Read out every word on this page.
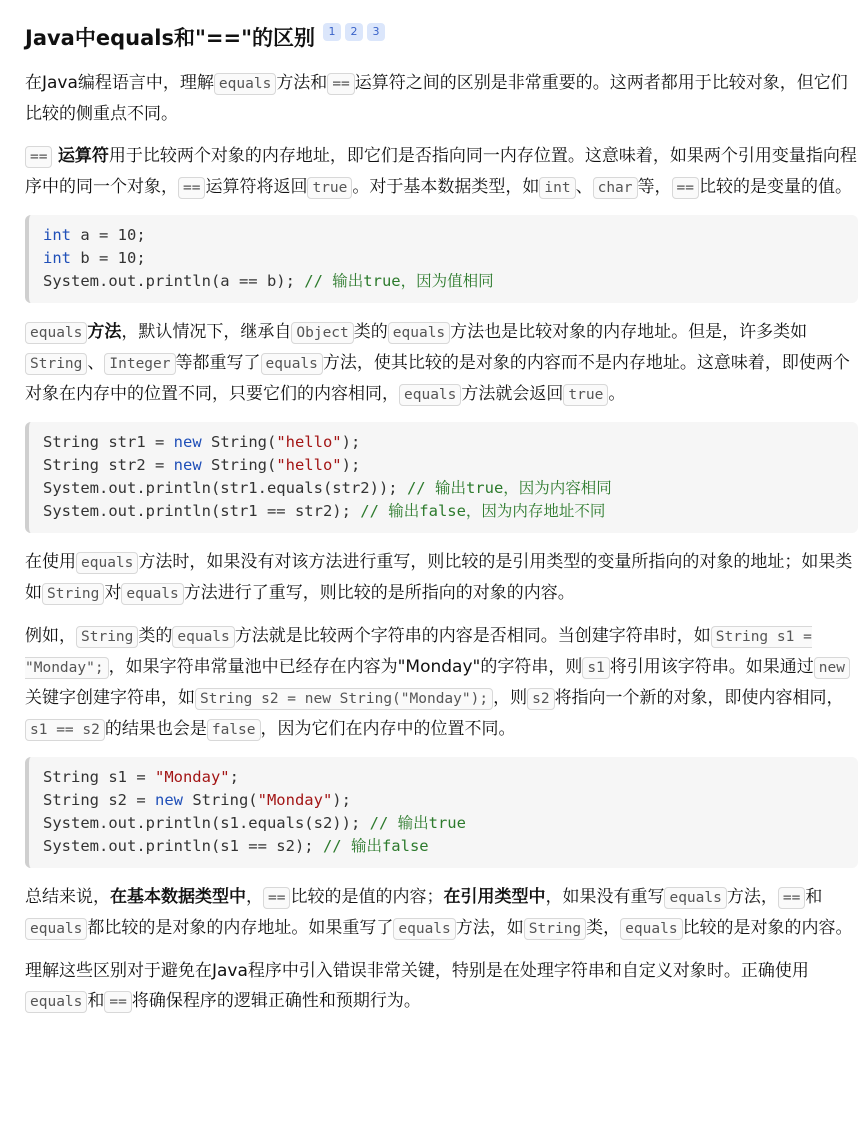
Java中equals和"=="的区别	1	2	3

在Java编程语言中，理解 equals 方法和 == 运算符之间的区别是非常重要的。这两者都用于比较对象，但它们比较的侧重点不同。

== 运算符用于比较两个对象的内存地址，即它们是否指向同一内存位置。这意味着，如果两个引用变量指向程序中的同一个对象， == 运算符将返回 true 。对于基本数据类型，如 int 、 char 等， == 比较的是变量的值。

int a = 10;
int b = 10;
System.out.println(a == b); // 输出true，因为值相同

equals 方法，默认情况下，继承自 Object 类的 equals 方法也是比较对象的内存地址。但是，许多类如String 、 Integer 等都重写了 equals 方法，使其比较的是对象的内容而不是内存地址。这意味着，即使两个对象在内存中的位置不同，只要它们的内容相同， equals 方法就会返回 true 。

String str1 = new String("hello");
String str2 = new String("hello");
System.out.println(str1.equals(str2)); // 输出true，因为内容相同
System.out.println(str1 == str2); // 输出false，因为内存地址不同

在使用 equals 方法时，如果没有对该方法进行重写，则比较的是引用类型的变量所指向的对象的地址；如果类如 String 对 equals 方法进行了重写，则比较的是所指向的对象的内容。

例如， String 类的 equals 方法就是比较两个字符串的内容是否相同。当创建字符串时，如 String s1 = "Monday"; ，如果字符串常量池中已经存在内容为"Monday"的字符串，则 s1 将引用该字符串。如果通过 new关键字创建字符串，如 String s2 = new String("Monday"); ，则 s2 将指向一个新的对象，即使内容相同，s1 == s2 的结果也会是 false ，因为它们在内存中的位置不同。

String s1 = "Monday";
String s2 = new String("Monday");
System.out.println(s1.equals(s2)); // 输出true
System.out.println(s1 == s2); // 输出false

总结来说，在基本数据类型中， == 比较的是值的内容；在引用类型中，如果没有重写 equals 方法， == 和equals 都比较的是对象的内存地址。如果重写了 equals 方法，如 String 类， equals 比较的是对象的内容。

理解这些区别对于避免在Java程序中引入错误非常关键，特别是在处理字符串和自定义对象时。正确使用equals 和 == 将确保程序的逻辑正确性和预期行为。
